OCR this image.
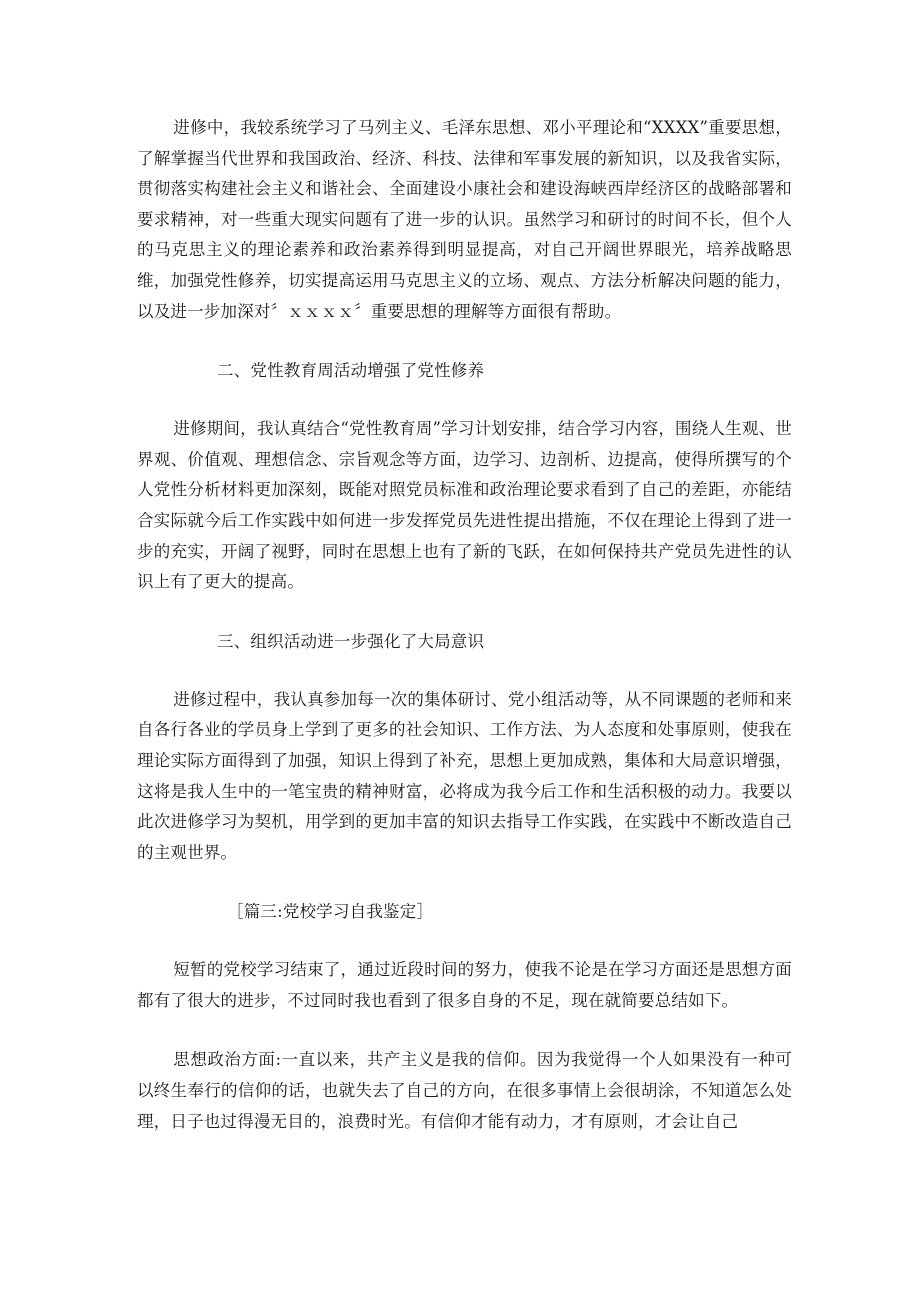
进修中，我较系统学习了马列主义、毛泽东思想、邓小平理论和“XXXX”重要思想，了解掌握当代世界和我国政治、经济、科技、法律和军事发展的新知识，以及我省实际，贯彻落实构建社会主义和谐社会、全面建设小康社会和建设海峡西岸经济区的战略部署和要求精神，对一些重大现实问题有了进一步的认识。虽然学习和研讨的时间不长，但个人的马克思主义的理论素养和政治素养得到明显提高，对自己开阔世界眼光，培养战略思维，加强党性修养，切实提高运用马克思主义的立场、观点、方法分析解决问题的能力，以及进一步加深对〞ｘｘｘｘ〞重要思想的理解等方面很有帮助。

二、党性教育周活动增强了党性修养

进修期间，我认真结合“党性教育周”学习计划安排，结合学习内容，围绕人生观、世界观、价值观、理想信念、宗旨观念等方面，边学习、边剖析、边提高，使得所撰写的个人党性分析材料更加深刻，既能对照党员标准和政治理论要求看到了自己的差距，亦能结合实际就今后工作实践中如何进一步发挥党员先进性提出措施，不仅在理论上得到了进一步的充实，开阔了视野，同时在思想上也有了新的飞跃，在如何保持共产党员先进性的认识上有了更大的提高。

三、组织活动进一步强化了大局意识

进修过程中，我认真参加每一次的集体研讨、党小组活动等，从不同课题的老师和来自各行各业的学员身上学到了更多的社会知识、工作方法、为人态度和处事原则，使我在理论实际方面得到了加强，知识上得到了补充，思想上更加成熟，集体和大局意识增强，这将是我人生中的一笔宝贵的精神财富，必将成为我今后工作和生活积极的动力。我要以此次进修学习为契机，用学到的更加丰富的知识去指导工作实践，在实践中不断改造自己的主观世界。

［篇三:党校学习自我鉴定］

短暂的党校学习结束了，通过近段时间的努力，使我不论是在学习方面还是思想方面都有了很大的进步，不过同时我也看到了很多自身的不足，现在就简要总结如下。

思想政治方面:一直以来，共产主义是我的信仰。因为我觉得一个人如果没有一种可以终生奉行的信仰的话，也就失去了自己的方向，在很多事情上会很胡涂，不知道怎么处理，日子也过得漫无目的，浪费时光。有信仰才能有动力，才有原则，才会让自己
